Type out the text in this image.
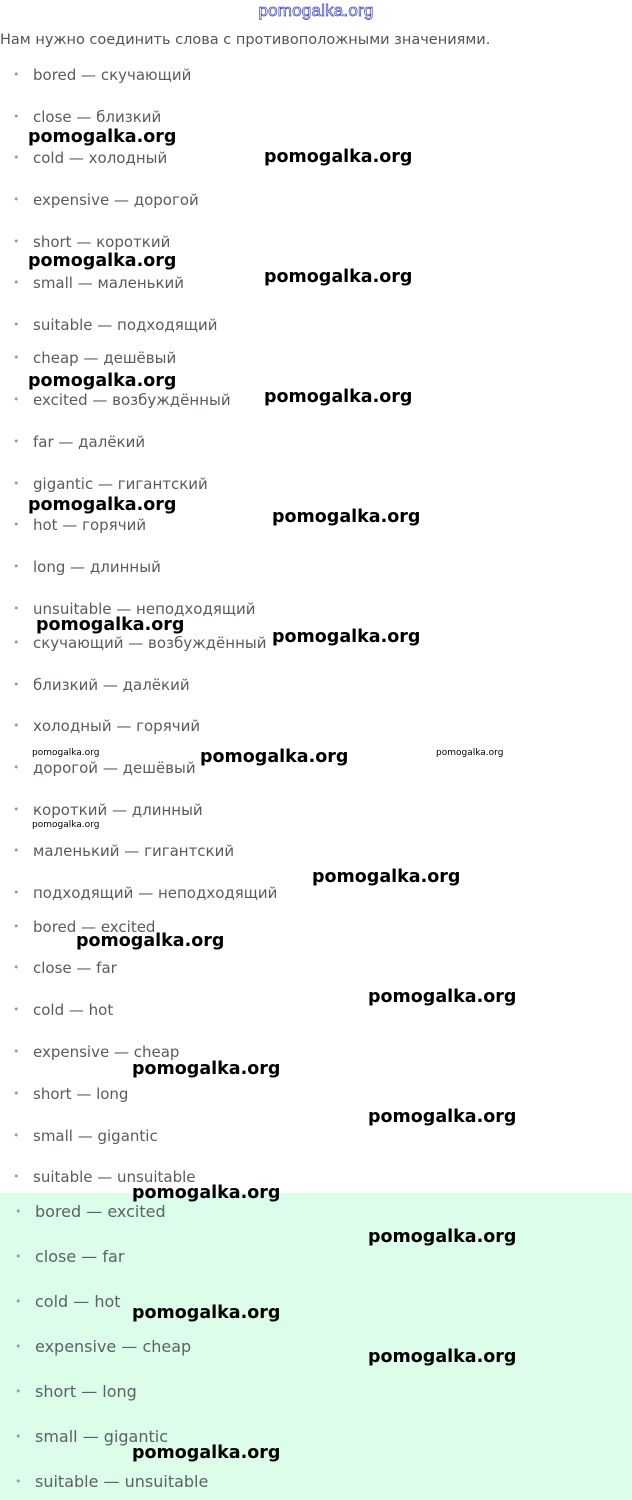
pomogalka.org
Нам нужно соединить слова с противоположными значениями.
• bored — скучающий
• close — близкий
• cold — холодный
• expensive — дорогой
• short — короткий
• small — маленький
• suitable — подходящий
• cheap — дешёвый
• excited — возбуждённый
• far — далёкий
• gigantic — гигантский
• hot — горячий
• long — длинный
• unsuitable — неподходящий
• скучающий — возбуждённый
• близкий — далёкий
• холодный — горячий
• дорогой — дешёвый
• короткий — длинный
• маленький — гигантский
• подходящий — неподходящий
• bored — excited
• close — far
• cold — hot
• expensive — cheap
• short — long
• small — gigantic
• suitable — unsuitable
• bored — excited
• close — far
• cold — hot
• expensive — cheap
• short — long
• small — gigantic
• suitable — unsuitable
pomogalka.org
pomogalka.org
pomogalka.org
pomogalka.org
pomogalka.org
pomogalka.org
pomogalka.org
pomogalka.org
pomogalka.org
pomogalka.org
pomogalka.org	pomogalka.org	pomogalka.org
pomogalka.org
pomogalka.org
pomogalka.org
pomogalka.org
pomogalka.org
pomogalka.org
pomogalka.org
pomogalka.org
pomogalka.org
pomogalka.org
pomogalka.org
